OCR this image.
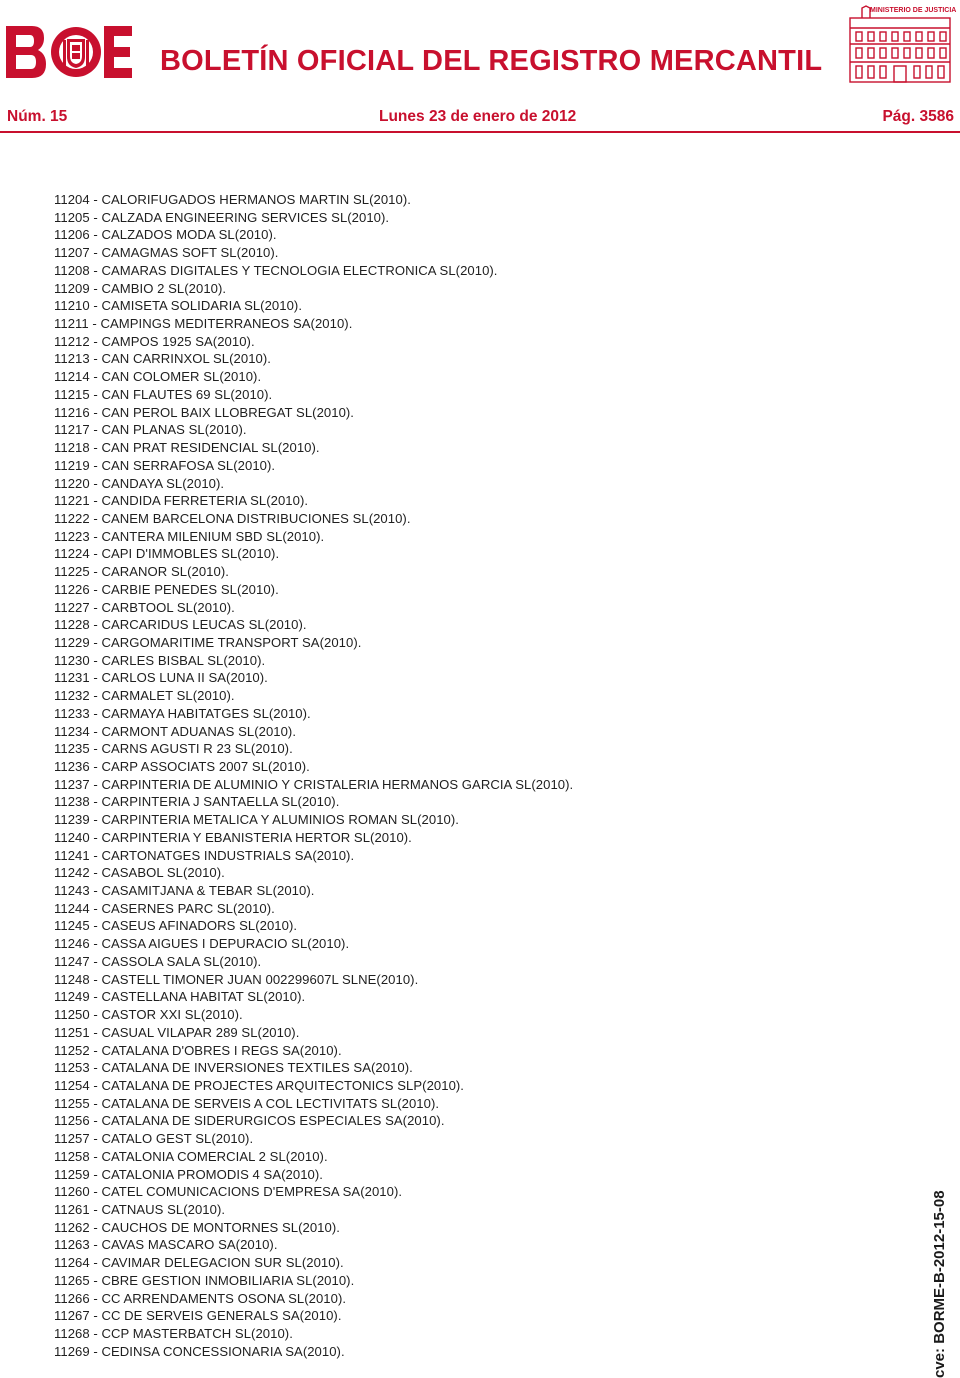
BOLETÍN OFICIAL DEL REGISTRO MERCANTIL
MINISTERIO DE JUSTICIA
Núm. 15	Lunes 23 de enero de 2012	Pág. 3586
11204 - CALORIFUGADOS HERMANOS MARTIN SL(2010).
11205 - CALZADA ENGINEERING SERVICES SL(2010).
11206 - CALZADOS MODA SL(2010).
11207 - CAMAGMAS SOFT SL(2010).
11208 - CAMARAS DIGITALES Y TECNOLOGIA ELECTRONICA SL(2010).
11209 - CAMBIO 2 SL(2010).
11210 - CAMISETA SOLIDARIA SL(2010).
11211 - CAMPINGS MEDITERRANEOS SA(2010).
11212 - CAMPOS 1925 SA(2010).
11213 - CAN CARRINXOL SL(2010).
11214 - CAN COLOMER SL(2010).
11215 - CAN FLAUTES 69 SL(2010).
11216 - CAN PEROL BAIX LLOBREGAT SL(2010).
11217 - CAN PLANAS SL(2010).
11218 - CAN PRAT RESIDENCIAL SL(2010).
11219 - CAN SERRAFOSA SL(2010).
11220 - CANDAYA SL(2010).
11221 - CANDIDA FERRETERIA SL(2010).
11222 - CANEM BARCELONA DISTRIBUCIONES SL(2010).
11223 - CANTERA MILENIUM SBD SL(2010).
11224 - CAPI D'IMMOBLES SL(2010).
11225 - CARANOR SL(2010).
11226 - CARBIE PENEDES SL(2010).
11227 - CARBTOOL SL(2010).
11228 - CARCARIDUS LEUCAS SL(2010).
11229 - CARGOMARITIME TRANSPORT SA(2010).
11230 - CARLES BISBAL SL(2010).
11231 - CARLOS LUNA II SA(2010).
11232 - CARMALET SL(2010).
11233 - CARMAYA HABITATGES SL(2010).
11234 - CARMONT ADUANAS SL(2010).
11235 - CARNS AGUSTI R 23 SL(2010).
11236 - CARP ASSOCIATS 2007 SL(2010).
11237 - CARPINTERIA DE ALUMINIO Y CRISTALERIA HERMANOS GARCIA SL(2010).
11238 - CARPINTERIA J SANTAELLA SL(2010).
11239 - CARPINTERIA METALICA Y ALUMINIOS ROMAN SL(2010).
11240 - CARPINTERIA Y EBANISTERIA HERTOR SL(2010).
11241 - CARTONATGES INDUSTRIALS SA(2010).
11242 - CASABOL SL(2010).
11243 - CASAMITJANA & TEBAR SL(2010).
11244 - CASERNES PARC SL(2010).
11245 - CASEUS AFINADORS SL(2010).
11246 - CASSA AIGUES I DEPURACIO SL(2010).
11247 - CASSOLA SALA SL(2010).
11248 - CASTELL TIMONER JUAN 002299607L SLNE(2010).
11249 - CASTELLANA HABITAT SL(2010).
11250 - CASTOR XXI SL(2010).
11251 - CASUAL VILAPAR 289 SL(2010).
11252 - CATALANA D'OBRES I REGS SA(2010).
11253 - CATALANA DE INVERSIONES TEXTILES SA(2010).
11254 - CATALANA DE PROJECTES ARQUITECTONICS SLP(2010).
11255 - CATALANA DE SERVEIS A COL LECTIVITATS SL(2010).
11256 - CATALANA DE SIDERURGICOS ESPECIALES SA(2010).
11257 - CATALO GEST SL(2010).
11258 - CATALONIA COMERCIAL 2 SL(2010).
11259 - CATALONIA PROMODIS 4 SA(2010).
11260 - CATEL COMUNICACIONS D'EMPRESA SA(2010).
11261 - CATNAUS SL(2010).
11262 - CAUCHOS DE MONTORNES SL(2010).
11263 - CAVAS MASCARO SA(2010).
11264 - CAVIMAR DELEGACION SUR SL(2010).
11265 - CBRE GESTION INMOBILIARIA SL(2010).
11266 - CC ARRENDAMENTS OSONA SL(2010).
11267 - CC DE SERVEIS GENERALS SA(2010).
11268 - CCP MASTERBATCH SL(2010).
11269 - CEDINSA CONCESSIONARIA SA(2010).	cve: BORME-B-2012-15-08
